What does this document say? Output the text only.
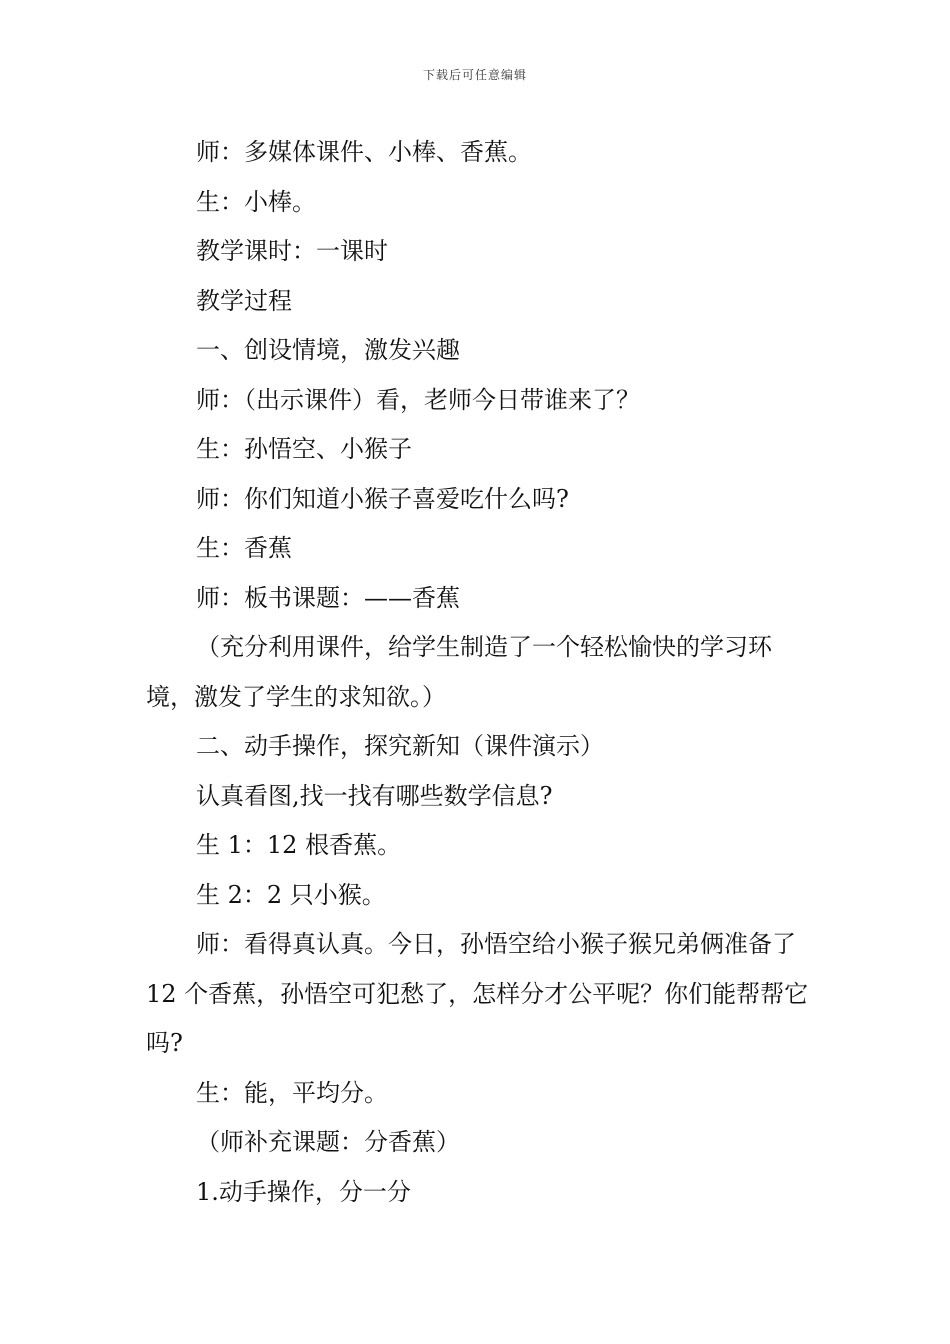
下载后可任意编辑

师：多媒体课件、小棒、香蕉。

生：小棒。

教学课时：一课时

教学过程

一、创设情境，激发兴趣

师：（出示课件）看，老师今日带谁来了？

生：孙悟空、小猴子

师：你们知道小猴子喜爱吃什么吗?

生：香蕉

师：板书课题：——香蕉

（充分利用课件，给学生制造了一个轻松愉快的学习环境，激发了学生的求知欲。）

二、动手操作，探究新知（课件演示）

认真看图,找一找有哪些数学信息?

生 1：12 根香蕉。

生 2：2 只小猴。

师：看得真认真。今日，孙悟空给小猴子猴兄弟俩准备了 12 个香蕉，孙悟空可犯愁了，怎样分才公平呢？你们能帮帮它吗?

生：能，平均分。

（师补充课题：分香蕉）

1.动手操作，分一分
